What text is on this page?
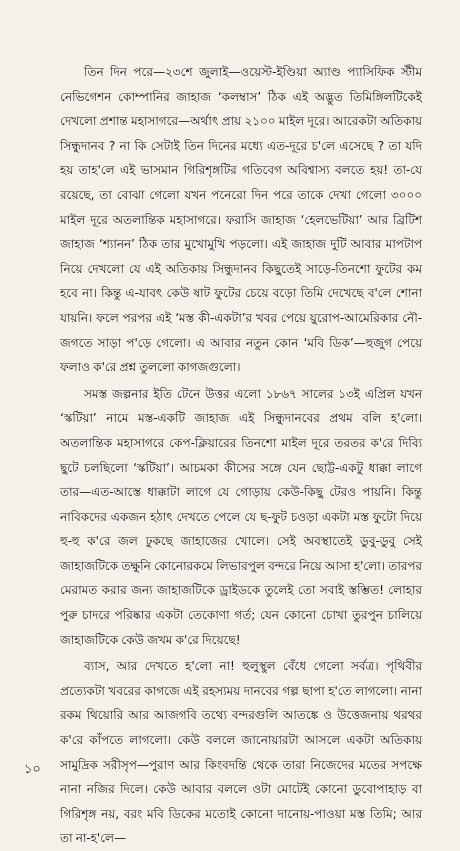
তিন দিন পরে—২৩শে জুলাই—ওয়েস্ট-ইণ্ডিয়া অ্যাণ্ড প্যাসিফিক স্টীম নেভিগেশন কোম্পানির জাহাজ ‘কলম্বাস’ ঠিক এই অদ্ভুত তিমিঙ্গিলটিকেই দেখলো প্রশান্ত মহাসাগরে—অর্থাৎ প্রায় ২১০০ মাইল দূরে। আরেকটা অতিকায় সিন্ধুদানব ? না কি সেটাই তিন দিনের মধ্যে এত-দূরে চ'লে এসেছে ? তা যদি হয় তাহ'লে এই ভাসমান গিরিশৃঙ্গটির গতিবেগ অবিশ্বাস্য বলতে হয়! তা-যে রয়েছে, তা বোঝা গেলো যখন পনেরো দিন পরে তাকে দেখা গেলো ৩০০০ মাইল দূরে অতলান্তিক মহাসাগরে। ফরাসি জাহাজ ‘হেলভেটিয়া’ আর ব্রিটিশ জাহাজ ‘শ্যানন’ ঠিক তার মুখোমুখি পড়লো। এই জাহাজ দুটি আবার মাপটাপ নিয়ে দেখলো যে এই অতিকায় সিন্ধুদানব কিছুতেই সাড়ে-তিনশো ফুটের কম হবে না। কিন্তু এ-যাবৎ কেউ ষাট ফুটের চেয়ে বড়ো তিমি দেখেছে ব'লে শোনা যায়নি। ফলে পরপর এই ‘মস্ত কী-একটা’র খবর পেয়ে য়ুরোপ-আমেরিকার নৌ-জগতে সাড়া প'ড়ে গেলো। এ আবার নতুন কোন ‘মবি ডিক’—হুজুগ পেয়ে ফলাও ক'রে প্রশ্ন তুললো কাগজগুলো।

সমস্ত জল্পনার ইতি টেনে উত্তর এলো ১৮৬৭ সালের ১৩ই এপ্রিল যখন ‘স্কটিয়া’ নামে মস্ত-একটি জাহাজ এই সিন্ধুদানবের প্রথম বলি হ'লো। অতলান্তিক মহাসাগরে কেপ-ক্লিয়ারের তিনশো মাইল দূরে তরতর ক'রে দিব্যি ছুটে চলছিলো ‘স্কটিয়া’। আচমকা কীসের সঙ্গে যেন ছোট্ট-একটু ধাক্কা লাগে তার—এত-আস্তে ধাক্কাটা লাগে যে গোড়ায় কেউ-কিছু টেরও পায়নি। কিন্তু নাবিকদের একজন হঠাৎ দেখতে পেলে যে ছ-ফুট চওড়া একটা মস্ত ফুটো দিয়ে হু-হু ক'রে জল ঢুকছে জাহাজের খোলে। সেই অবস্থাতেই ডুবু-ডুবু সেই জাহাজটিকে তক্ষুনি কোনোরকমে লিভারপুল বন্দরে নিয়ে আসা হ'লো। তারপর মেরামত করার জন্য জাহাজটিকে ড্রাইডকে তুলেই তো সবাই স্তম্ভিত! লোহার পুরু চাদরে পরিষ্কার একটা তেকোণা গর্ত; যেন কোনো চোখা তুরপুন চালিয়ে জাহাজটিকে কেউ জখম ক'রে দিয়েছে!

ব্যাস, আর দেখতে হ'লো না! হুলুস্থুল বেঁধে গেলো সর্বত্র। পৃথিবীর প্রত্যেকটা খবরের কাগজে এই রহস্যময় দানবের গল্প ছাপা হ'তে লাগলো। নানা রকম থিয়োরি আর আজগবি তথ্যে বন্দরগুলি আতঙ্কে ও উত্তেজনায় থরথর ক'রে কাঁপতে লাগলো। কেউ বললে জানোয়ারটা আসলে একটা অতিকায় সামুদ্রিক সরীসৃপ—পুরাণ আর কিংবদন্তি থেকে তারা নিজেদের মতের সপক্ষে নানা নজির দিলে। কেউ আবার বললে ওটা মোটেই কোনো ডুবোপাহাড় বা গিরিশৃঙ্গ নয়, বরং মবি ডিকের মতোই কোনো দানোয়-পাওয়া মস্ত তিমি; আর তা না-হ'লে—

১০
